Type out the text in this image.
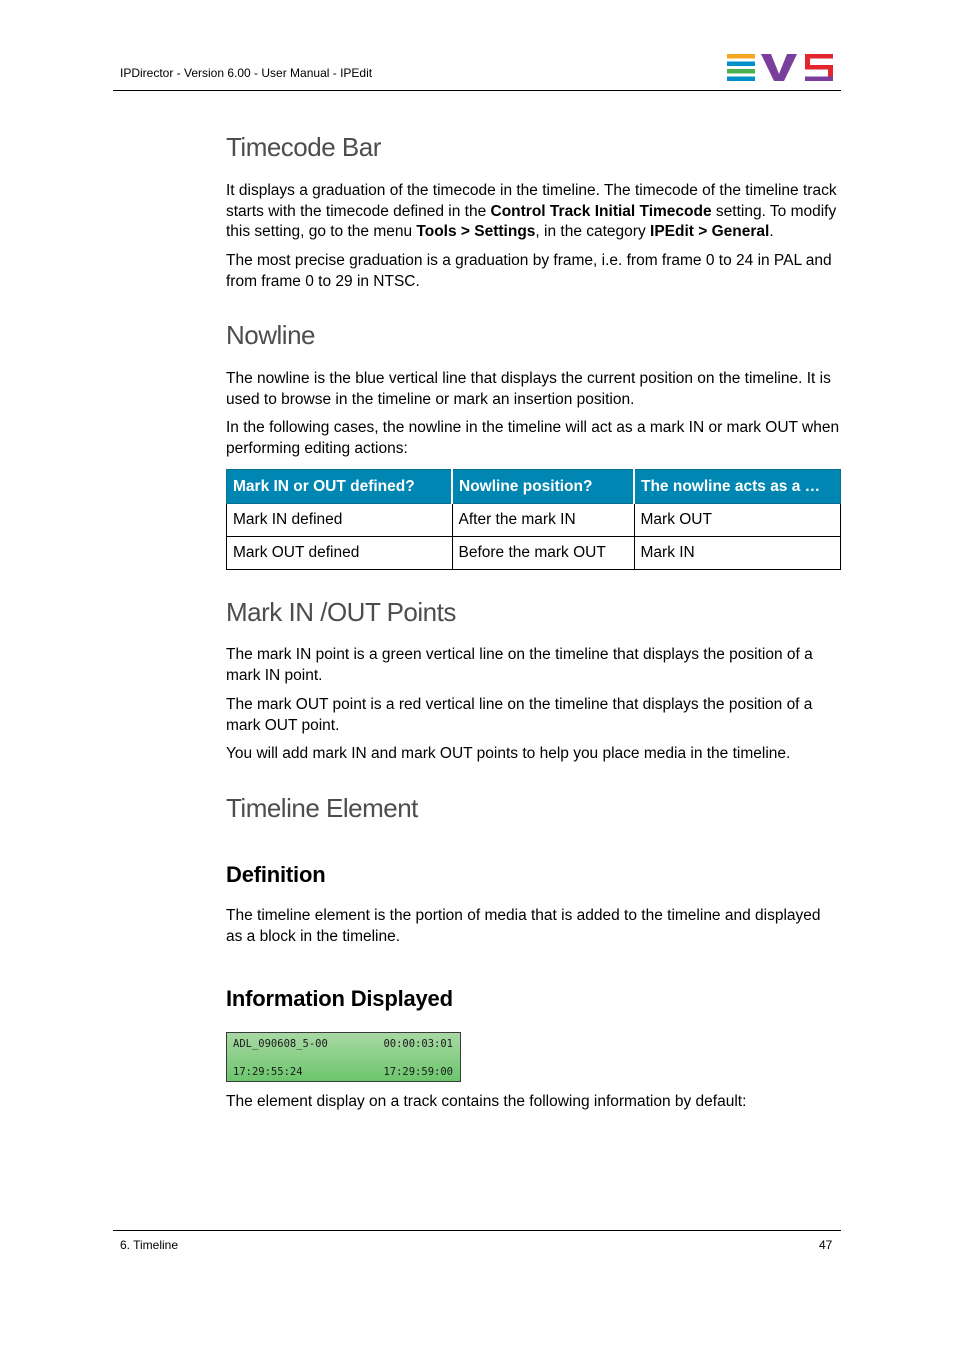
IPDirector - Version 6.00 - User Manual - IPEdit
Timecode Bar
It displays a graduation of the timecode in the timeline. The timecode of the timeline track starts with the timecode defined in the Control Track Initial Timecode setting. To modify this setting, go to the menu Tools > Settings, in the category IPEdit > General.
The most precise graduation is a graduation by frame, i.e. from frame 0 to 24 in PAL and from frame 0 to 29 in NTSC.
Nowline
The nowline is the blue vertical line that displays the current position on the timeline. It is used to browse in the timeline or mark an insertion position.
In the following cases, the nowline in the timeline will act as a mark IN or mark OUT when performing editing actions:
Mark IN or OUT defined?	Nowline position?	The nowline acts as a …
Mark IN defined	After the mark IN	Mark OUT
Mark OUT defined	Before the mark OUT	Mark IN
Mark IN /OUT Points
The mark IN point is a green vertical line on the timeline that displays the position of a mark IN point.
The mark OUT point is a red vertical line on the timeline that displays the position of a mark OUT point.
You will add mark IN and mark OUT points to help you place media in the timeline.
Timeline Element
Definition
The timeline element is the portion of media that is added to the timeline and displayed as a block in the timeline.
Information Displayed
ADL_090608_5-00	00:00:03:01
17:29:55:24	17:29:59:00
The element display on a track contains the following information by default:
6. Timeline	47
